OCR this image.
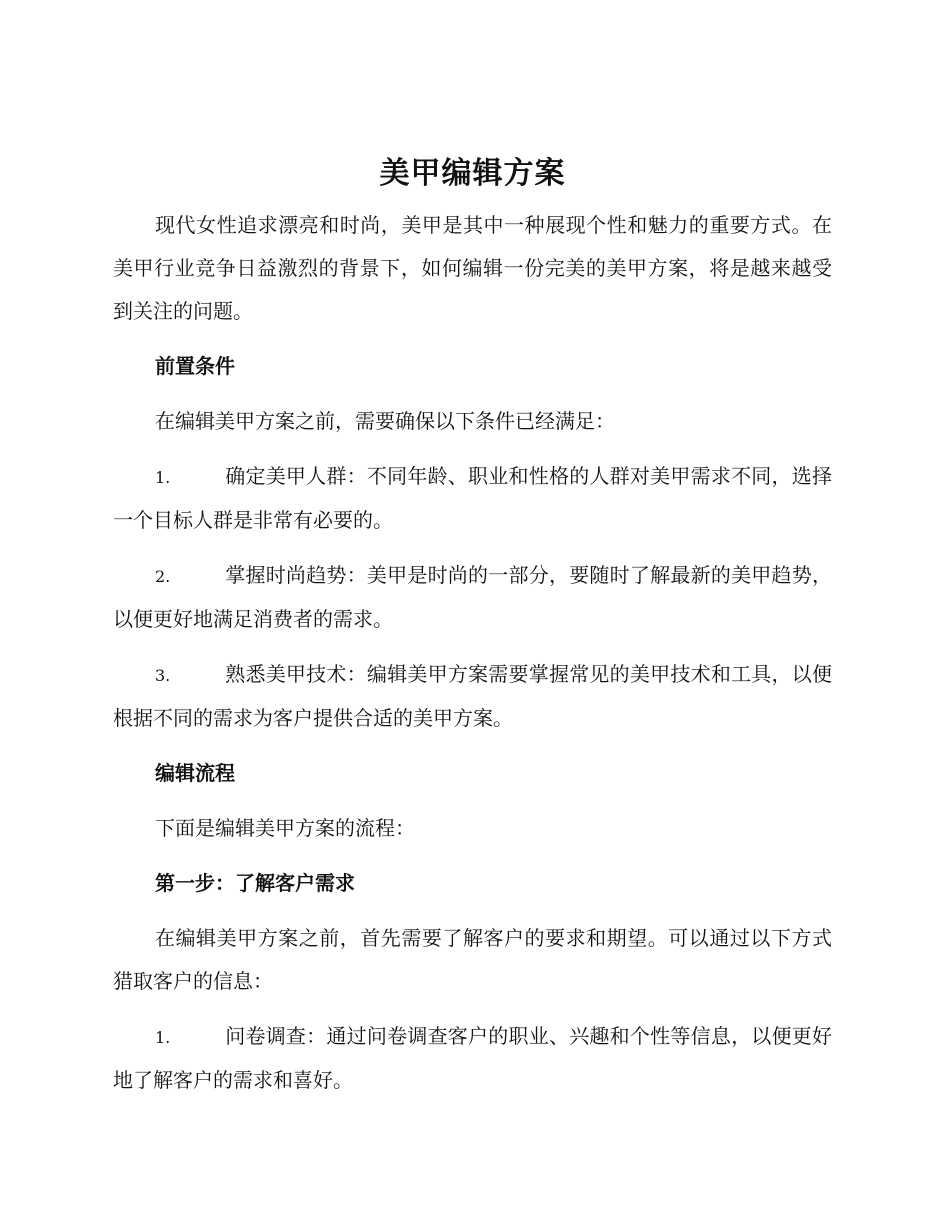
美甲编辑方案

现代女性追求漂亮和时尚，美甲是其中一种展现个性和魅力的重要方式。在美甲行业竞争日益激烈的背景下，如何编辑一份完美的美甲方案，将是越来越受到关注的问题。

前置条件

在编辑美甲方案之前，需要确保以下条件已经满足：

1.	确定美甲人群：不同年龄、职业和性格的人群对美甲需求不同，选择一个目标人群是非常有必要的。

2.	掌握时尚趋势：美甲是时尚的一部分，要随时了解最新的美甲趋势，以便更好地满足消费者的需求。

3.	熟悉美甲技术：编辑美甲方案需要掌握常见的美甲技术和工具，以便根据不同的需求为客户提供合适的美甲方案。

编辑流程

下面是编辑美甲方案的流程：

第一步：了解客户需求

在编辑美甲方案之前，首先需要了解客户的要求和期望。可以通过以下方式猎取客户的信息：

1.	问卷调查：通过问卷调查客户的职业、兴趣和个性等信息，以便更好地了解客户的需求和喜好。
